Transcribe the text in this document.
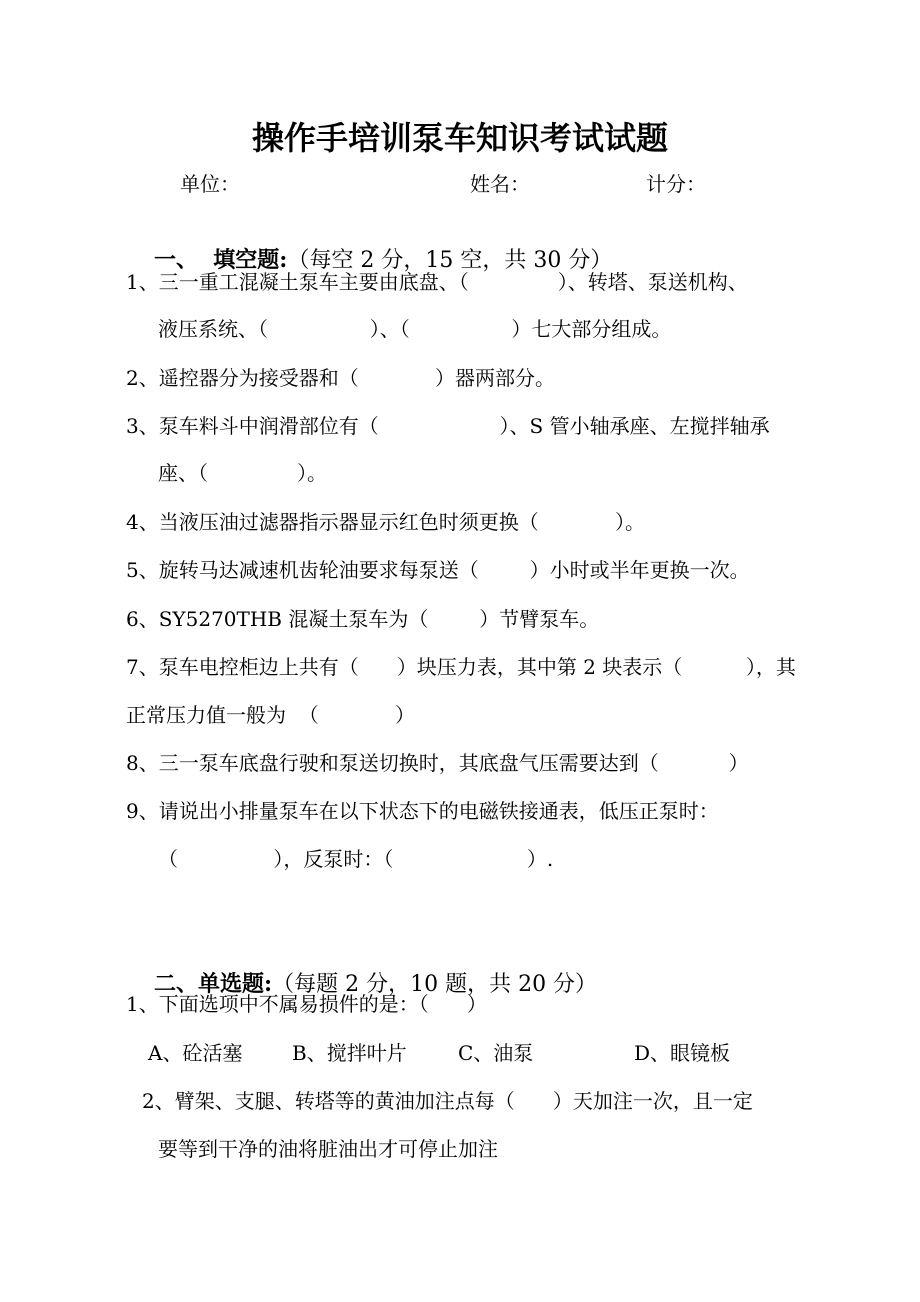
操作手培训泵车知识考试试题
单位：	姓名：	计分：

一、  填空题:（每空 2 分，15 空，共 30 分）

1、三一重工混凝土泵车主要由底盘、（              ）、转塔、泵送机构、
液压系统、（                ）、（                ）七大部分组成。
2、遥控器分为接受器和（            ）器两部分。
3、泵车料斗中润滑部位有（                   ）、S 管小轴承座、左搅拌轴承
座、（              ）。
4、当液压油过滤器指示器显示红色时须更换（            ）。
5、旋转马达减速机齿轮油要求每泵送（        ）小时或半年更换一次。
6、SY5270THB 混凝土泵车为（        ）节臂泵车。
7、泵车电控柜边上共有（      ）块压力表，其中第 2 块表示（          ），其
正常压力值一般为  （            ）
8、三一泵车底盘行驶和泵送切换时，其底盘气压需要达到（           ）
9、请说出小排量泵车在以下状态下的电磁铁接通表，低压正泵时：
（               ），反泵时：（                     ）.

二、单选题:（每题 2 分，10 题，共 20 分）

1、下面选项中不属易损件的是：（      ）
A、砼活塞 B、搅拌叶片	C、油泵	D、眼镜板
2、臂架、支腿、转塔等的黄油加注点每（      ）天加注一次，且一定
要等到干净的油将脏油出才可停止加注
